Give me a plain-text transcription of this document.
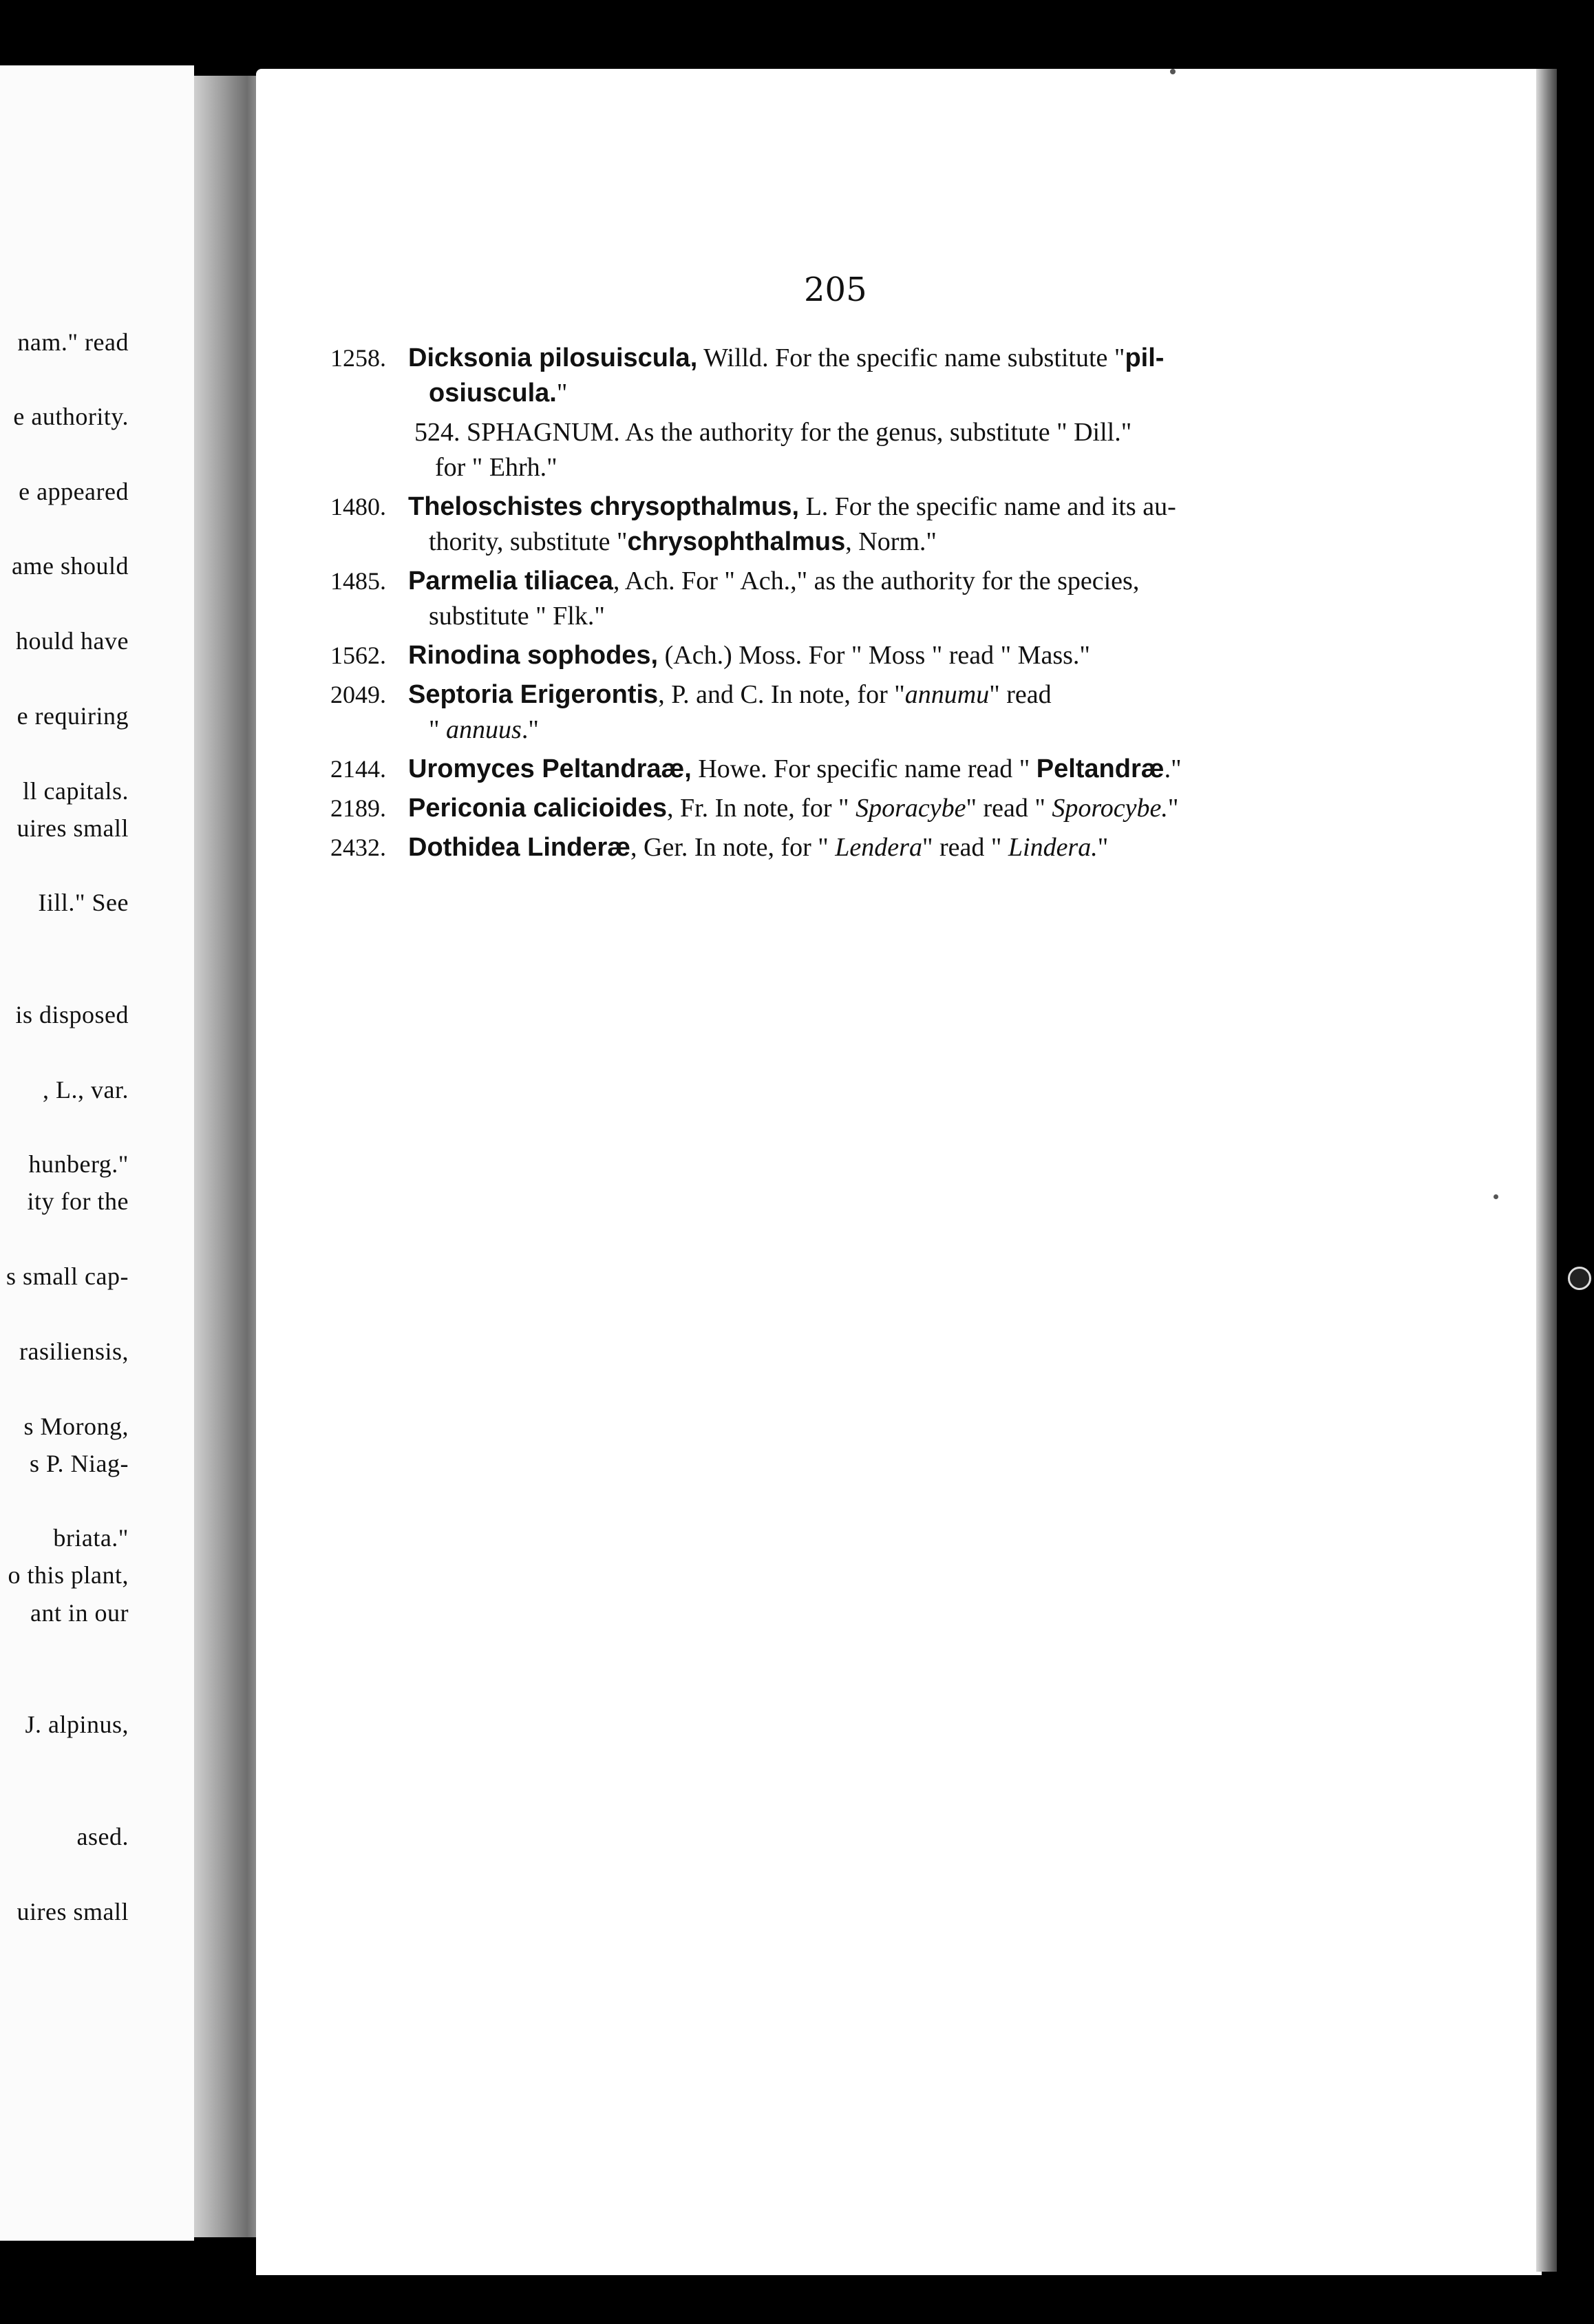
nam." read
e authority.
e appeared
ame should
hould have
e requiring
ll capitals.
uires small
Iill." See
is disposed
, L., var.
hunberg."
ity for the
s small cap-
rasiliensis,
s Morong,
s P. Niag-
briata."
o this plant,
ant in our
J. alpinus,
ased.
uires small
205
1258. Dicksonia pilosuiscula, Willd. For the specific name substitute "pil-
osiuscula."
524. SPHAGNUM. As the authority for the genus, substitute " Dill."
for " Ehrh."
1480. Theloschistes chrysopthalmus, L. For the specific name and its au-
thority, substitute "chrysophthalmus, Norm."
1485. Parmelia tiliacea, Ach. For " Ach.," as the authority for the species,
substitute " Flk."
1562. Rinodina sophodes, (Ach.) Moss. For " Moss " read " Mass."
2049. Septoria Erigerontis, P. and C. In note, for "annumu" read
" annuus."
2144. Uromyces Peltandraæ, Howe. For specific name read " Peltandræ."
2189. Periconia calicioides, Fr. In note, for " Sporacybe" read " Sporocybe."
2432. Dothidea Linderæ, Ger. In note, for " Lendera" read " Lindera."
